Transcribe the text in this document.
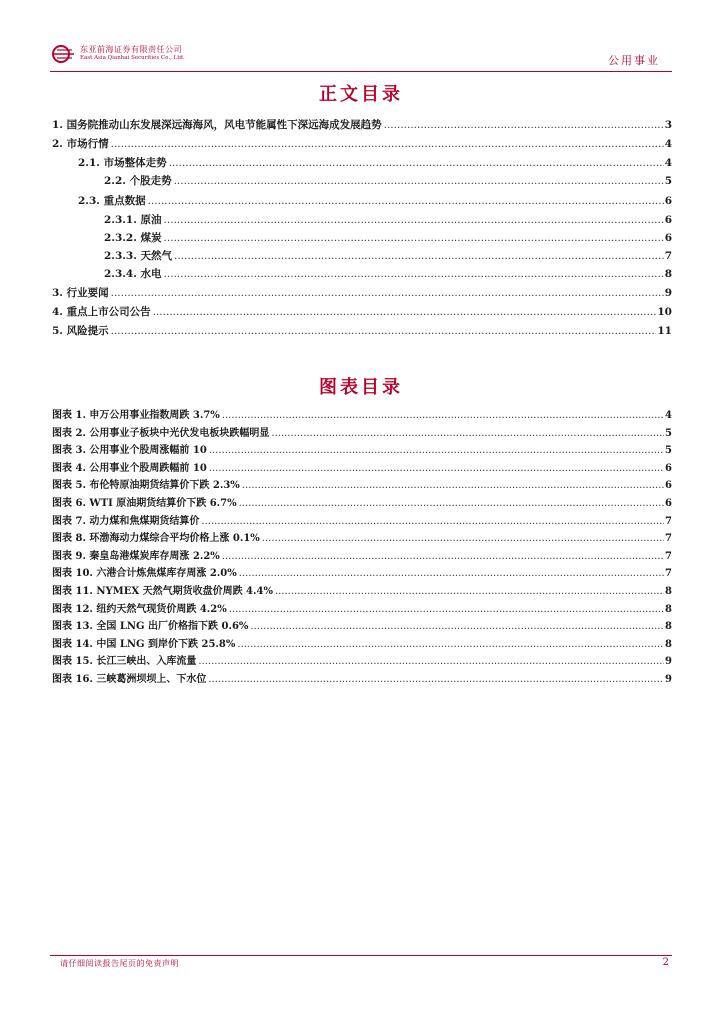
东亚前海证券有限责任公司
East Asia Qianhai Securities Co., Ltd.	公用事业
正文目录
1. 国务院推动山东发展深远海海风，风电节能属性下深远海成发展趋势 .....	3
2. 市场行情 .....	4
2.1. 市场整体走势 .....	4
2.2. 个股走势 .....	5
2.3. 重点数据 .....	6
2.3.1. 原油 .....	6
2.3.2. 煤炭 .....	6
2.3.3. 天然气 .....	7
2.3.4. 水电 .....	8
3. 行业要闻 .....	9
4. 重点上市公司公告 .....	10
5. 风险提示 .....	11
图表目录
图表 1. 申万公用事业指数周跌 3.7% .....	4
图表 2. 公用事业子板块中光伏发电板块跌幅明显 .....	5
图表 3. 公用事业个股周涨幅前 10 .....	5
图表 4. 公用事业个股周跌幅前 10 .....	6
图表 5. 布伦特原油期货结算价下跌 2.3% .....	6
图表 6. WTI 原油期货结算价下跌 6.7% .....	6
图表 7. 动力煤和焦煤期货结算价 .....	7
图表 8. 环渤海动力煤综合平均价格上涨 0.1% .....	7
图表 9. 秦皇岛港煤炭库存周涨 2.2% .....	7
图表 10. 六港合计炼焦煤库存周涨 2.0% .....	7
图表 11. NYMEX 天然气期货收盘价周跌 4.4% .....	8
图表 12. 纽约天然气现货价周跌 4.2% .....	8
图表 13. 全国 LNG 出厂价格指下跌 0.6% .....	8
图表 14. 中国 LNG 到岸价下跌 25.8% .....	8
图表 15. 长江三峡出、入库流量 .....	9
图表 16. 三峡葛洲坝坝上、下水位 .....	9
请仔细阅读报告尾页的免责声明	2
